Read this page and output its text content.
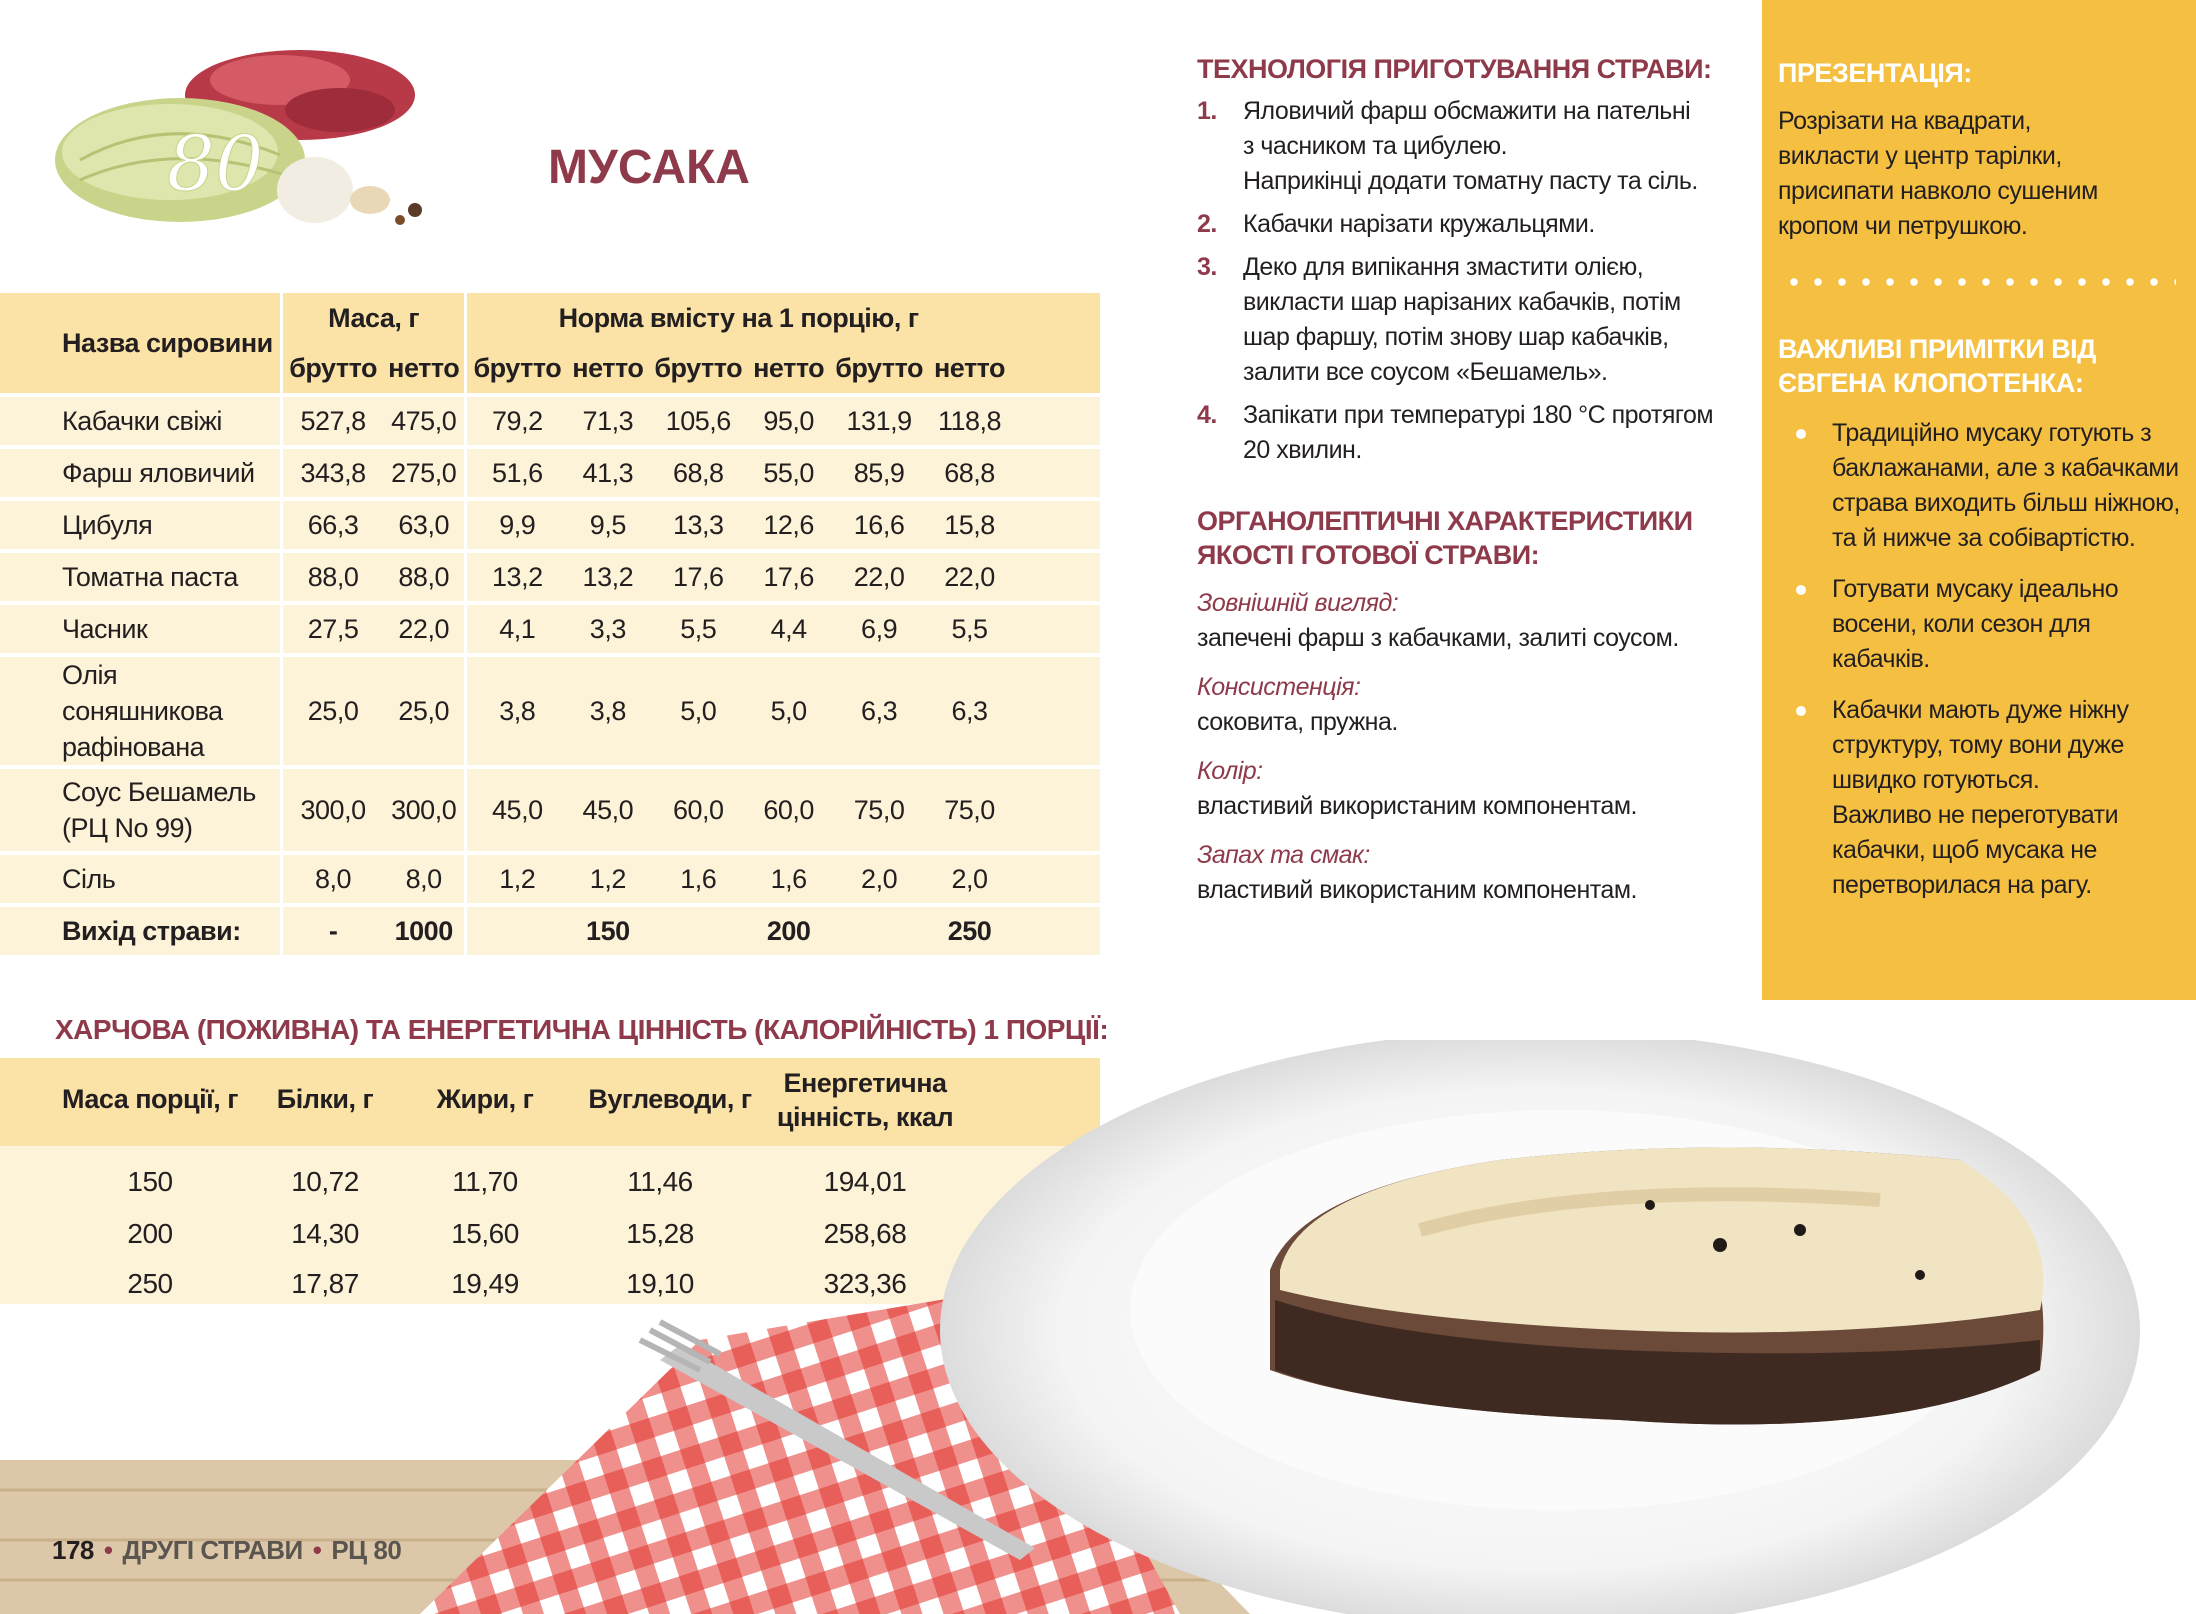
80	МУСАКА
Назва сировини	Маса, г		Норма вмісту на 1 порцію, г						
	брутто	нетто	брутто	нетто	брутто	нетто	брутто	нетто	
Кабачки свіжі	527,8	475,0	79,2	71,3	105,6	95,0	131,9	118,8	
Фарш яловичий	343,8	275,0	51,6	41,3	68,8	55,0	85,9	68,8	
Цибуля	66,3	63,0	9,9	9,5	13,3	12,6	16,6	15,8	
Томатна паста	88,0	88,0	13,2	13,2	17,6	17,6	22,0	22,0	
Часник	27,5	22,0	4,1	3,3	5,5	4,4	6,9	5,5	
Олія соняшникова рафінована	25,0	25,0	3,8	3,8	5,0	5,0	6,3	6,3	
Соус Бешамель (РЦ No 99)	300,0	300,0	45,0	45,0	60,0	60,0	75,0	75,0	
Сіль	8,0	8,0	1,2	1,2	1,6	1,6	2,0	2,0	
Вихід страви:	-	1000		150		200		250	
ХАРЧОВА (ПОЖИВНА) ТА ЕНЕРГЕТИЧНА ЦІННІСТЬ (КАЛОРІЙНІСТЬ) 1 ПОРЦІЇ:
Маса порції, г	Білки, г	Жири, г	Вуглеводи, г
Енергетична
цінність, ккал
150	10,72	11,70	11,46	194,01
200	14,30	15,60	15,28	258,68
250	17,87	19,49	19,10	323,36
ТЕХНОЛОГІЯ ПРИГОТУВАННЯ СТРАВИ:
1. Яловичий фарш обсмажити на пательні
з часником та цибулею.
Наприкінці додати томатну пасту та сіль.
2. Кабачки нарізати кружальцями.
3. Деко для випікання змастити олією,
викласти шар нарізаних кабачків, потім
шар фаршу, потім знову шар кабачків,
залити все соусом «Бешамель».
4. Запікати при температурі 180 °С протягом
20 хвилин.
ОРГАНОЛЕПТИЧНІ ХАРАКТЕРИСТИКИ
ЯКОСТІ ГОТОВОЇ СТРАВИ:
Зовнішній вигляд:
запечені фарш з кабачками, залиті соусом.
Консистенція:
соковита, пружна.
Колір:
властивий використаним компонентам.
Запах та смак:
властивий використаним компонентам.
ПРЕЗЕНТАЦІЯ:
Розрізати на квадрати,
викласти у центр тарілки,
присипати навколо сушеним
кропом чи петрушкою.
ВАЖЛИВІ ПРИМІТКИ ВІД
ЄВГЕНА КЛОПОТЕНКА:
Традиційно мусаку готують з
баклажанами, але з кабачками
страва виходить більш ніжною,
та й нижче за собівартістю.
Готувати мусаку ідеально
восени, коли сезон для
кабачків.
Кабачки мають дуже ніжну
структуру, тому вони дуже
швидко готуються.
Важливо не переготувати
кабачки, щоб мусака не
перетворилася на рагу.
178 • ДРУГІ СТРАВИ • РЦ 80
